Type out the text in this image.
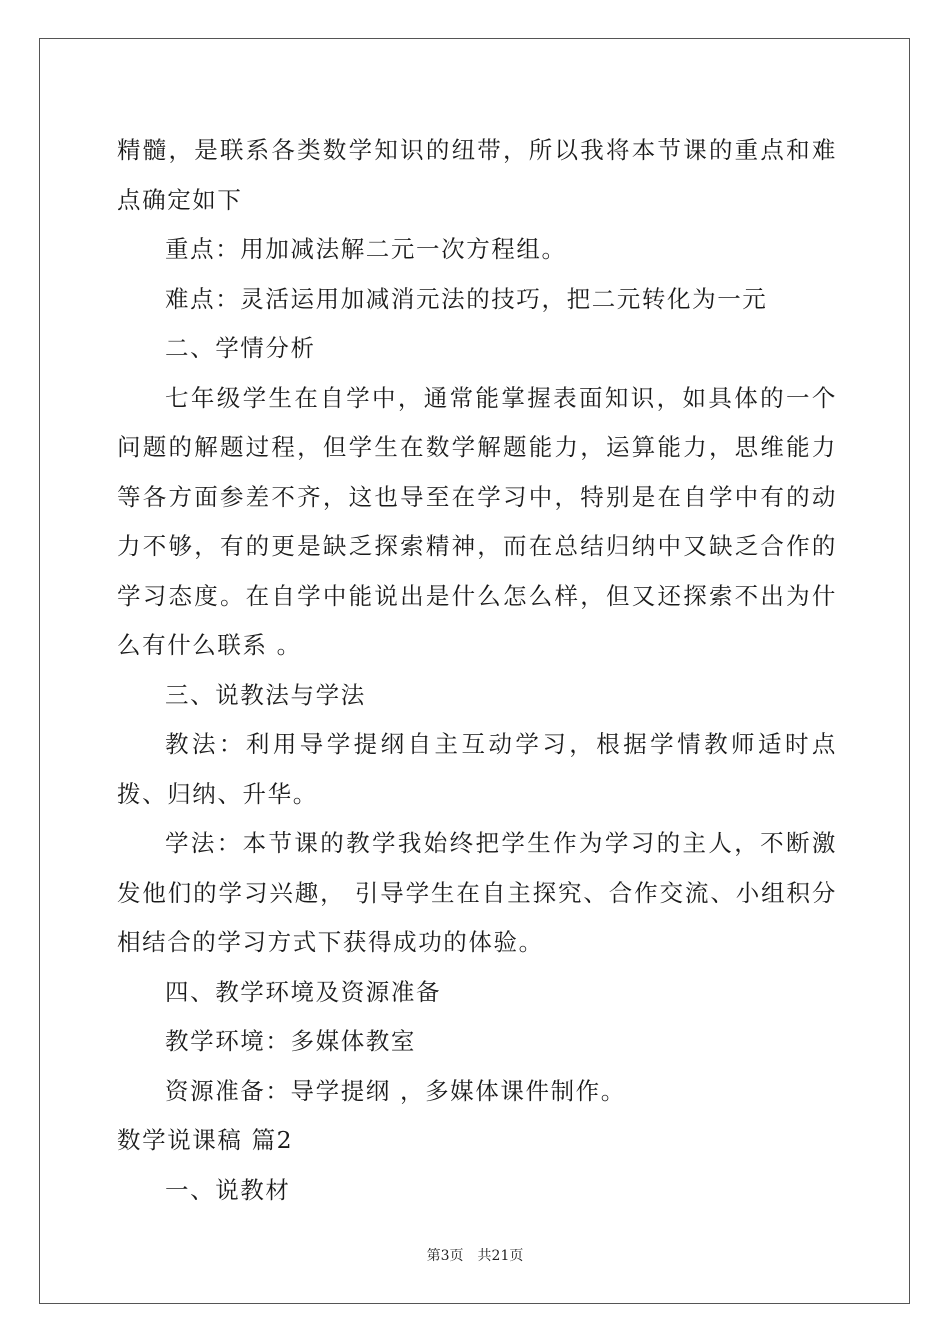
精髓，是联系各类数学知识的纽带，所以我将本节课的重点和难点确定如下

重点：用加减法解二元一次方程组。

难点：灵活运用加减消元法的技巧，把二元转化为一元

二、学情分析

七年级学生在自学中，通常能掌握表面知识，如具体的一个问题的解题过程，但学生在数学解题能力，运算能力，思维能力等各方面参差不齐，这也导至在学习中，特别是在自学中有的动力不够，有的更是缺乏探索精神，而在总结归纳中又缺乏合作的学习态度。在自学中能说出是什么怎么样，但又还探索不出为什么有什么联系 。

三、说教法与学法

教法：利用导学提纲自主互动学习，根据学情教师适时点拨、归纳、升华。

学法：本节课的教学我始终把学生作为学习的主人，不断激发他们的学习兴趣， 引导学生在自主探究、合作交流、小组积分相结合的学习方式下获得成功的体验。

四、教学环境及资源准备

教学环境：多媒体教室

资源准备：导学提纲 ，多媒体课件制作。

数学说课稿 篇2

一、说教材

第3页 共21页
